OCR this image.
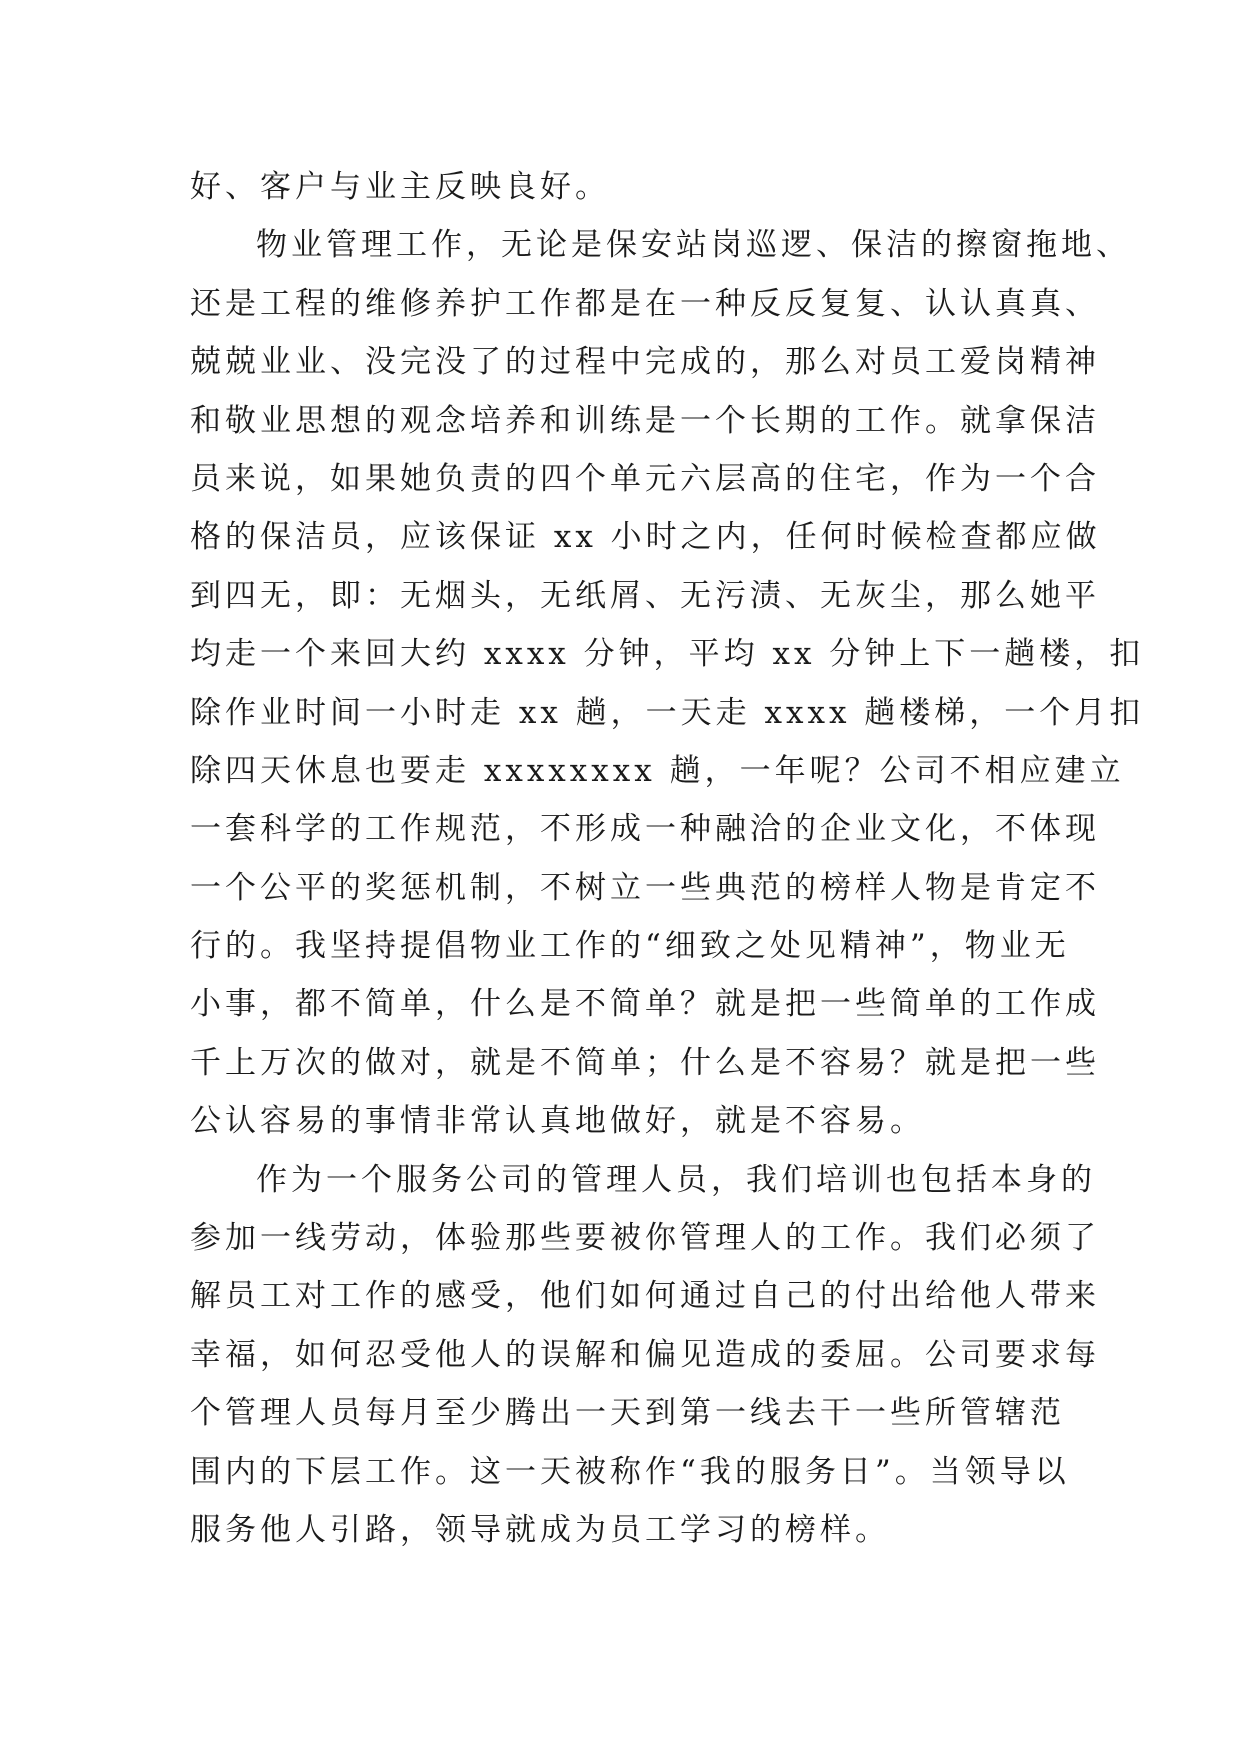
好、客户与业主反映良好。
物业管理工作，无论是保安站岗巡逻、保洁的擦窗拖地、
还是工程的维修养护工作都是在一种反反复复、认认真真、
兢兢业业、没完没了的过程中完成的，那么对员工爱岗精神
和敬业思想的观念培养和训练是一个长期的工作。就拿保洁
员来说，如果她负责的四个单元六层高的住宅，作为一个合
格的保洁员，应该保证 xx 小时之内，任何时候检查都应做
到四无，即：无烟头，无纸屑、无污渍、无灰尘，那么她平
均走一个来回大约 xxxx 分钟，平均 xx 分钟上下一趟楼，扣
除作业时间一小时走 xx 趟，一天走 xxxx 趟楼梯，一个月扣
除四天休息也要走 xxxxxxxx 趟，一年呢？公司不相应建立
一套科学的工作规范，不形成一种融洽的企业文化，不体现
一个公平的奖惩机制，不树立一些典范的榜样人物是肯定不
行的。我坚持提倡物业工作的“细致之处见精神”，物业无
小事，都不简单，什么是不简单？就是把一些简单的工作成
千上万次的做对，就是不简单；什么是不容易？就是把一些
公认容易的事情非常认真地做好，就是不容易。
作为一个服务公司的管理人员，我们培训也包括本身的
参加一线劳动，体验那些要被你管理人的工作。我们必须了
解员工对工作的感受，他们如何通过自己的付出给他人带来
幸福，如何忍受他人的误解和偏见造成的委屈。公司要求每
个管理人员每月至少腾出一天到第一线去干一些所管辖范
围内的下层工作。这一天被称作“我的服务日”。当领导以
服务他人引路，领导就成为员工学习的榜样。
